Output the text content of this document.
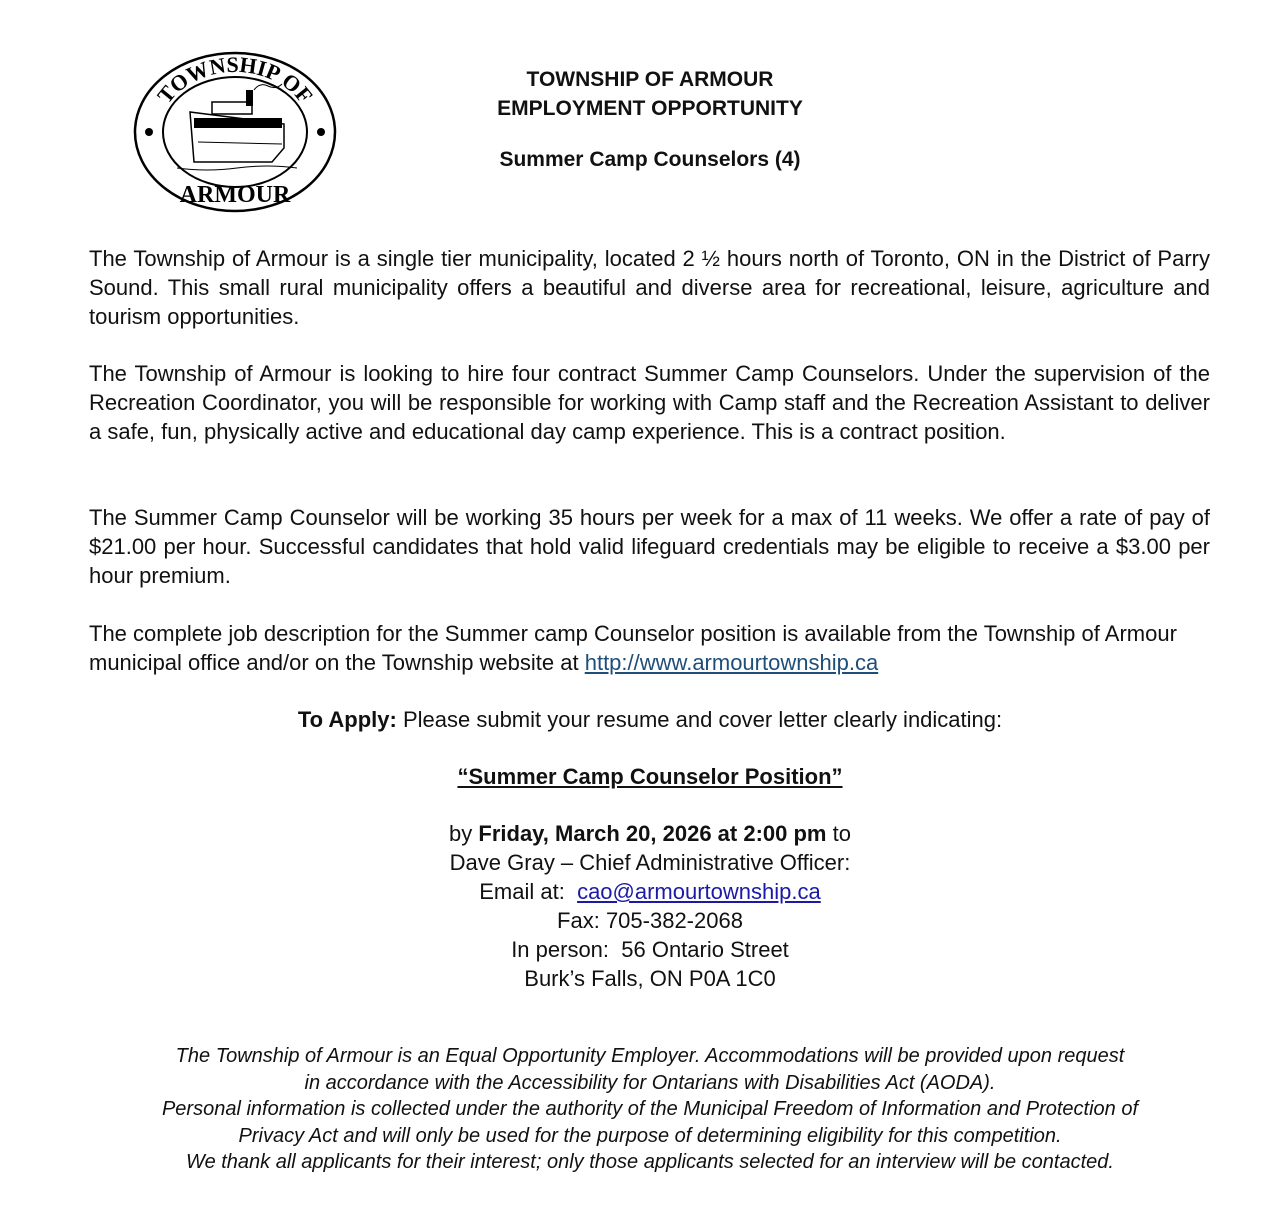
TOWNSHIP OF
ARMOUR
TOWNSHIP OF ARMOUR
EMPLOYMENT OPPORTUNITY
Summer Camp Counselors (4)
The Township of Armour is a single tier municipality, located 2 ½ hours north of Toronto, ON in the District of Parry Sound. This small rural municipality offers a beautiful and diverse area for recreational, leisure, agriculture and tourism opportunities.
The Township of Armour is looking to hire four contract Summer Camp Counselors. Under the supervision of the Recreation Coordinator, you will be responsible for working with Camp staff and the Recreation Assistant to deliver a safe, fun, physically active and educational day camp experience. This is a contract position.
The Summer Camp Counselor will be working 35 hours per week for a max of 11 weeks. We offer a rate of pay of $21.00 per hour. Successful candidates that hold valid lifeguard credentials may be eligible to receive a $3.00 per hour premium.
The complete job description for the Summer camp Counselor position is available from the Township of Armour municipal office and/or on the Township website at http://www.armourtownship.ca
To Apply: Please submit your resume and cover letter clearly indicating:
“Summer Camp Counselor Position”
by Friday, March 20, 2026 at 2:00 pm to
Dave Gray – Chief Administrative Officer:
Email at:  cao@armourtownship.ca
Fax: 705-382-2068
In person:  56 Ontario Street
Burk’s Falls, ON P0A 1C0
The Township of Armour is an Equal Opportunity Employer. Accommodations will be provided upon request
in accordance with the Accessibility for Ontarians with Disabilities Act (AODA).
Personal information is collected under the authority of the Municipal Freedom of Information and Protection of
Privacy Act and will only be used for the purpose of determining eligibility for this competition.
We thank all applicants for their interest; only those applicants selected for an interview will be contacted.
